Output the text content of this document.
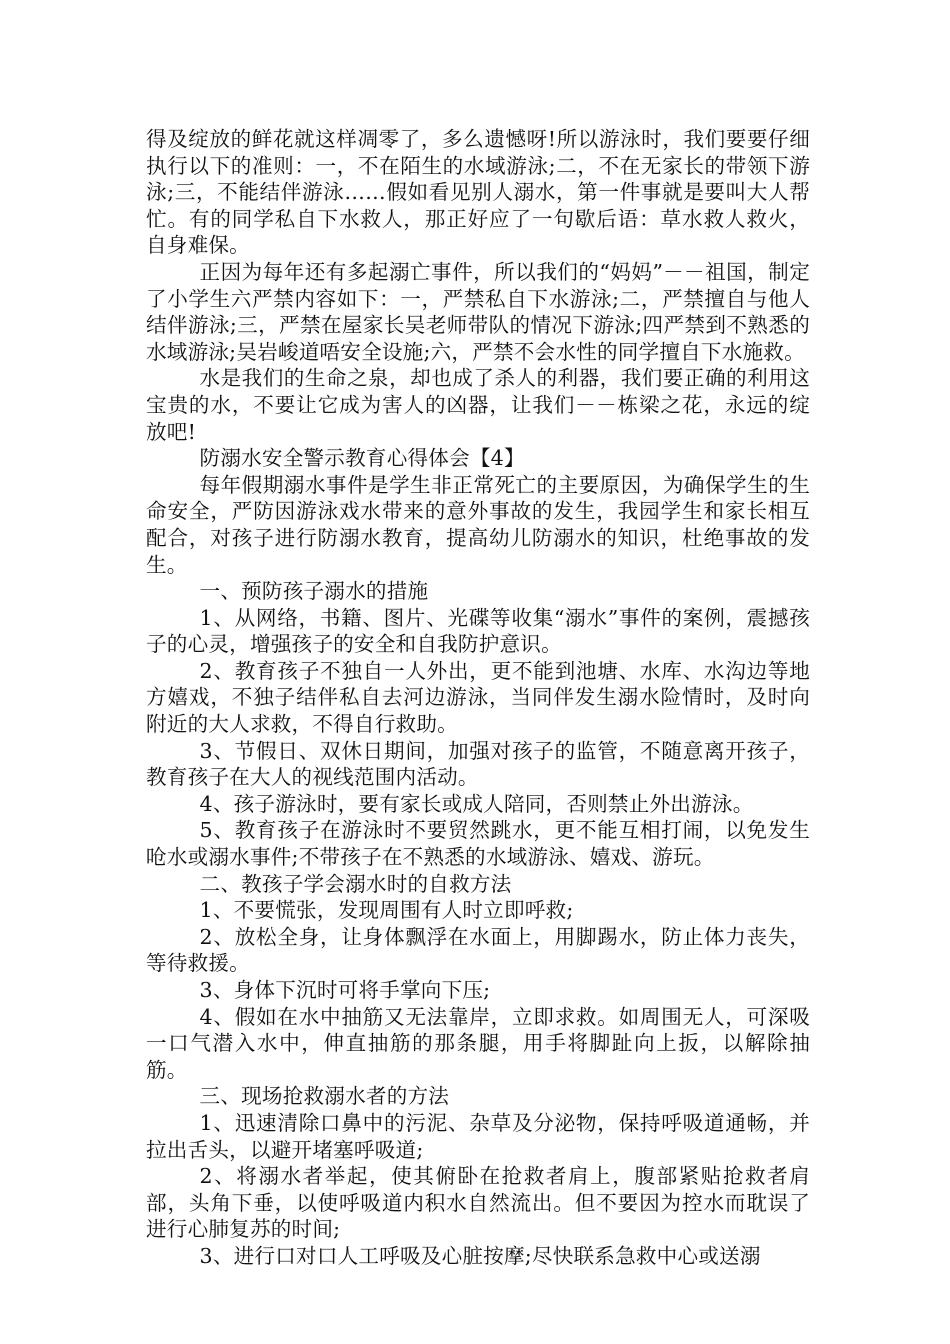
得及绽放的鲜花就这样凋零了，多么遗憾呀!所以游泳时，我们要要仔细执行以下的准则：一，不在陌生的水域游泳;二，不在无家长的带领下游泳;三，不能结伴游泳……假如看见别人溺水，第一件事就是要叫大人帮忙。有的同学私自下水救人，那正好应了一句歇后语：草水救人救火，自身难保。

正因为每年还有多起溺亡事件，所以我们的“妈妈”－－祖国，制定了小学生六严禁内容如下：一，严禁私自下水游泳;二，严禁擅自与他人结伴游泳;三，严禁在屋家长吴老师带队的情况下游泳;四严禁到不熟悉的水域游泳;吴岩峻道唔安全设施;六，严禁不会水性的同学擅自下水施救。

水是我们的生命之泉，却也成了杀人的利器，我们要正确的利用这宝贵的水，不要让它成为害人的凶器，让我们－－栋梁之花，永远的绽放吧!

防溺水安全警示教育心得体会【4】

每年假期溺水事件是学生非正常死亡的主要原因，为确保学生的生命安全，严防因游泳戏水带来的意外事故的发生，我园学生和家长相互配合，对孩子进行防溺水教育，提高幼儿防溺水的知识，杜绝事故的发生。

一、预防孩子溺水的措施

1、从网络，书籍、图片、光碟等收集“溺水”事件的案例，震撼孩子的心灵，增强孩子的安全和自我防护意识。

2、教育孩子不独自一人外出，更不能到池塘、水库、水沟边等地方嬉戏，不独子结伴私自去河边游泳，当同伴发生溺水险情时，及时向附近的大人求救，不得自行救助。

3、节假日、双休日期间，加强对孩子的监管，不随意离开孩子，教育孩子在大人的视线范围内活动。

4、孩子游泳时，要有家长或成人陪同，否则禁止外出游泳。

5、教育孩子在游泳时不要贸然跳水，更不能互相打闹，以免发生呛水或溺水事件;不带孩子在不熟悉的水域游泳、嬉戏、游玩。

二、教孩子学会溺水时的自救方法

1、不要慌张，发现周围有人时立即呼救;

2、放松全身，让身体飘浮在水面上，用脚踢水，防止体力丧失，等待救援。

3、身体下沉时可将手掌向下压;

4、假如在水中抽筋又无法靠岸，立即求救。如周围无人，可深吸一口气潜入水中，伸直抽筋的那条腿，用手将脚趾向上扳，以解除抽筋。

三、现场抢救溺水者的方法

1、迅速清除口鼻中的污泥、杂草及分泌物，保持呼吸道通畅，并拉出舌头，以避开堵塞呼吸道;

2、将溺水者举起，使其俯卧在抢救者肩上，腹部紧贴抢救者肩部，头角下垂，以使呼吸道内积水自然流出。但不要因为控水而耽误了进行心肺复苏的时间;

3、进行口对口人工呼吸及心脏按摩;尽快联系急救中心或送溺
